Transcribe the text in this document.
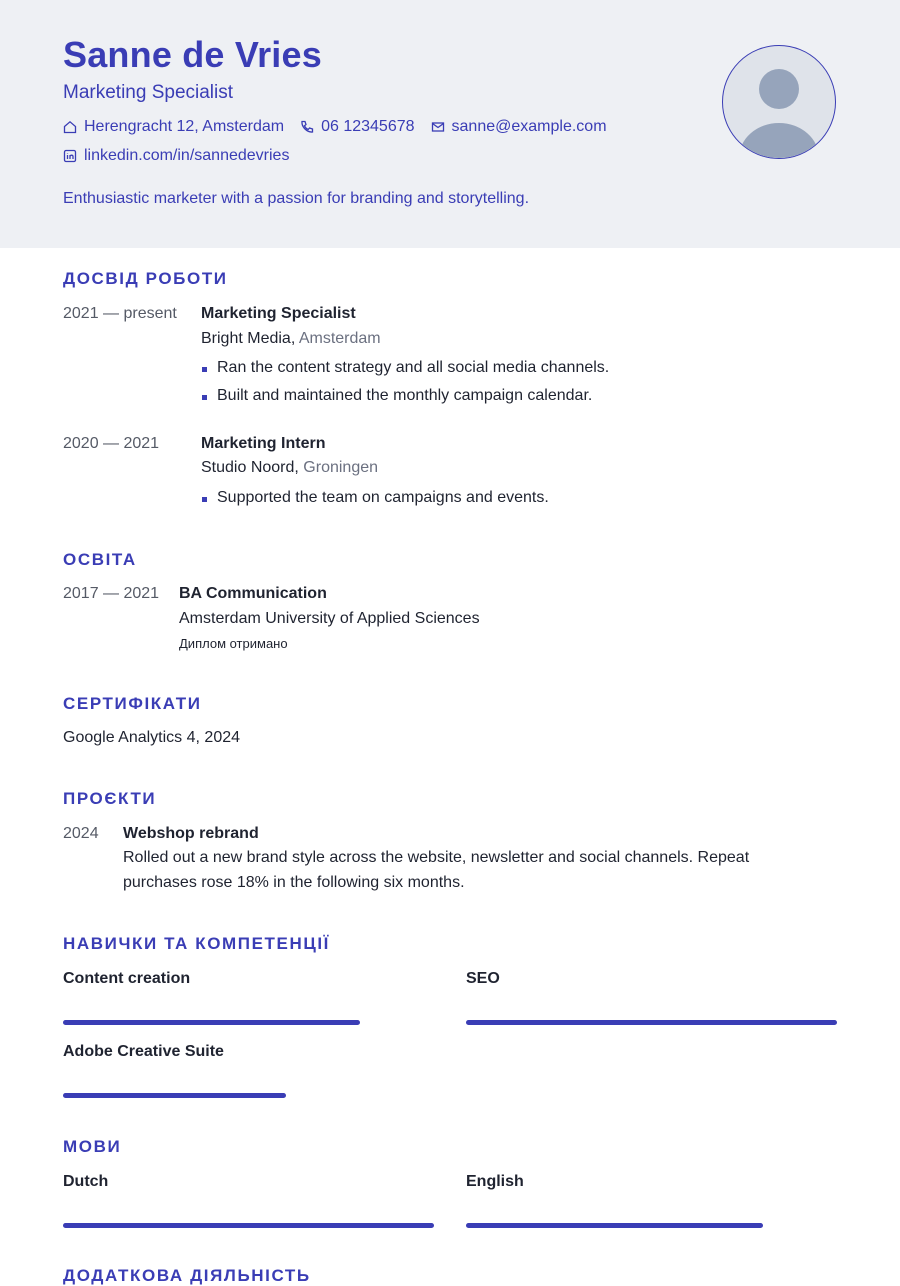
Sanne de Vries
Marketing Specialist
Herengracht 12, Amsterdam 06 12345678 sanne@example.com
linkedin.com/in/sannedevries
Enthusiastic marketer with a passion for branding and storytelling.
ДОСВІД РОБОТИ
2021 — present Marketing Specialist
Bright Media, Amsterdam
Ran the content strategy and all social media channels.
Built and maintained the monthly campaign calendar.
2020 — 2021	Marketing Intern
Studio Noord, Groningen
Supported the team on campaigns and events.
ОСВІТА
2017 — 2021 BA Communication
Amsterdam University of Applied Sciences
Диплом отримано
СЕРТИФІКАТИ
Google Analytics 4, 2024
ПРОЄКТИ
2024 Webshop rebrand
Rolled out a new brand style across the website, newsletter and social channels. Repeat
purchases rose 18% in the following six months.
НАВИЧКИ ТА КОМПЕТЕНЦІЇ
Content creation	SEO
Adobe Creative Suite
МОВИ
Dutch	English
ДОДАТКОВА ДІЯЛЬНІСТЬ
